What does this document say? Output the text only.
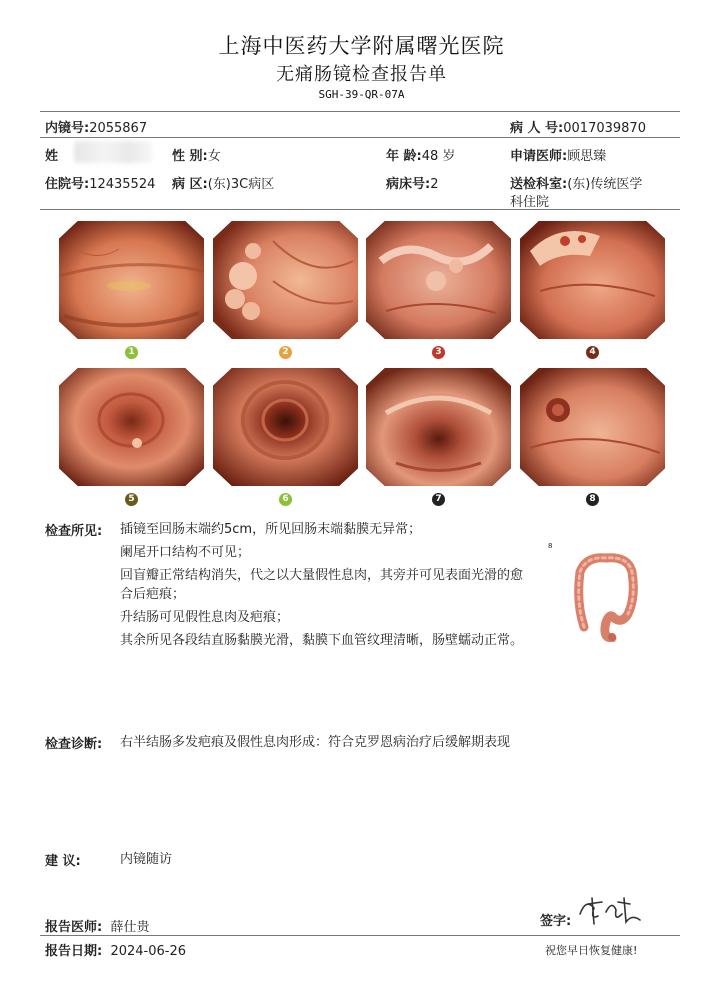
上海中医药大学附属曙光医院
无痛肠镜检查报告单
SGH-39-QR-07A
内镜号:2055867	病 人 号:0017039870
姓	性 别:女	年 龄:48 岁	申请医师:顾思臻
住院号:12435524 病 区:(东)3C病区	病床号:2	送检科室:(东)传统医学
科住院
1	2	3	4
5	6	7	8
检查所见: 插镜至回肠末端约5cm，所见回肠末端黏膜无异常；

阑尾开口结构不可见；

回盲瓣正常结构消失，代之以大量假性息肉，其旁并可见表面光滑的愈合后疤痕；

升结肠可见假性息肉及疤痕；

其余所见各段结直肠黏膜光滑，黏膜下血管纹理清晰，肠壁蠕动正常。

8
检查诊断: 右半结肠多发疤痕及假性息肉形成：符合克罗恩病治疗后缓解期表现

建 议:	内镜随访

报告医师: 薛仕贵	签字:
报告日期: 2024-06-26	祝您早日恢复健康!
